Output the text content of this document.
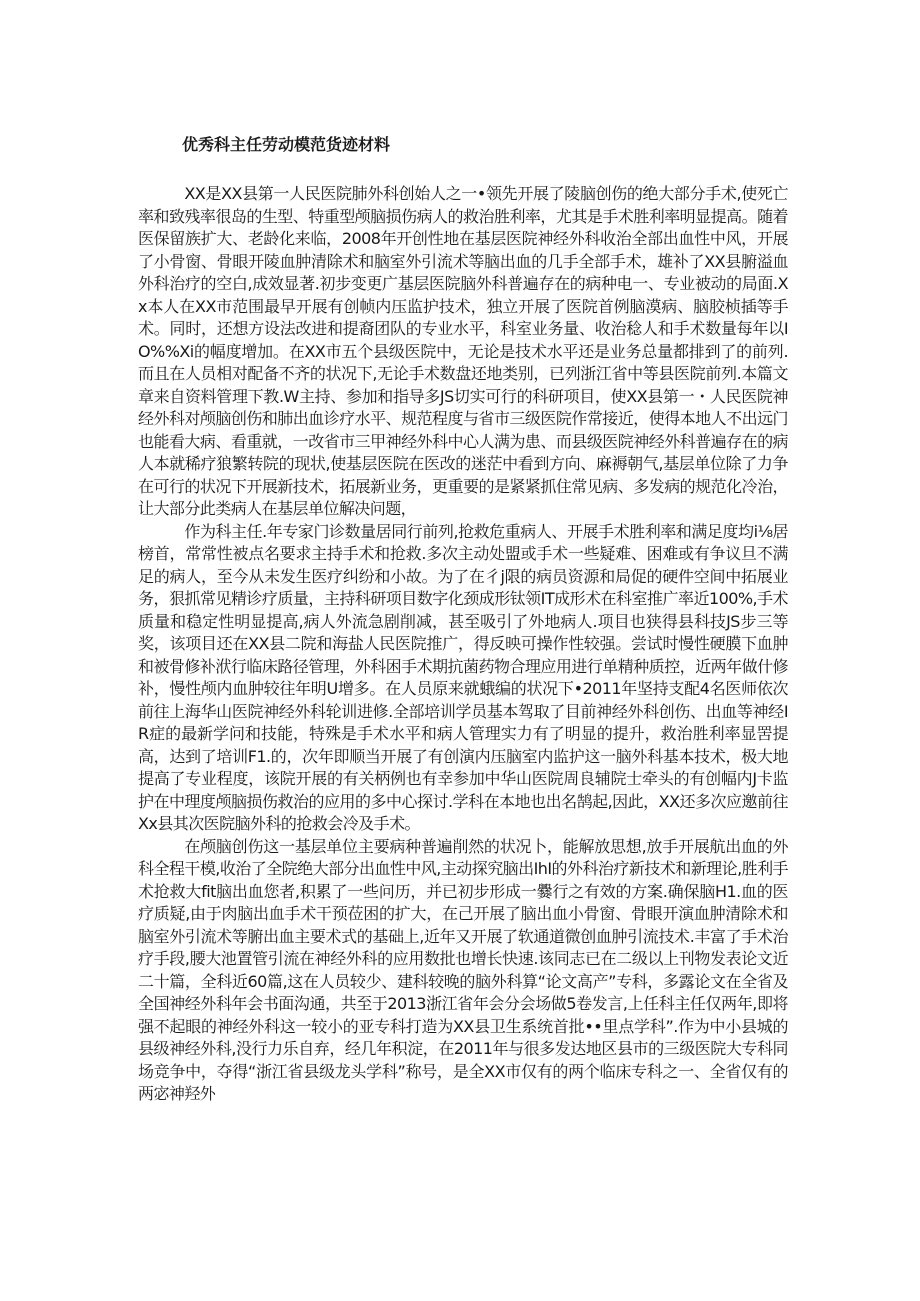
优秀科主任劳动模范货迹材料

XX是XX县第一人民医院肺外科创始人之一•领先开展了陵脑创伤的绝大部分手术,使死亡率和致残率很岛的生型、特重型颅脑损伤病人的救治胜利率，尤其是手术胜利率明显提高。随着医保留族扩大、老龄化来临，2008年开创性地在基层医院神经外科收治全部出血性中风，开展了小骨窗、骨眼开陵血肿清除术和脑室外引流术等脑出血的几手全部手术，雄补了XX县腑溢血外科治疗的空白,成效显著.初步变更广基层医院脑外科普遍存在的病种电一、专业被动的局面.Xx本人在XX市范围最早开展有创帧内压监护技术，独立开展了医院首例脑漠病、脑胶桢插等手术。同时，还想方设法改进和提裔团队的专业水平，科室业务量、收治稔人和手术数量每年以IO%%Xi的幅度增加。在XX市五个县级医院中，无论是技术水平还是业务总量都排到了的前列.而且在人员相对配备不齐的状况下,无论手术数盘还地类别，已列浙江省中等县医院前列.本篇文章来自资料管理下教.W主持、参加和指导多JS切实可行的科研项目，使XX县第一・人民医院神经外科对颅脑创伤和肺出血诊疗水平、规范程度与省市三级医院作常接近，使得本地人不出远门也能看大病、看重就，一改省市三甲神经外科中心人满为患、而县级医院神经外科普遍存在的病人本就稀疗狼繁转院的现状,使基层医院在医改的迷茫中看到方向、麻褥朝气,基层单位除了力争在可行的状况下开展新技术，拓展新业务，更重要的是紧紧抓住常见病、多发病的规范化冷治，让大部分此类病人在基层单位解决问题，

作为科主任.年专家门诊数量居同行前列,抢救危重病人、开展手术胜利率和满足度均i⅛居榜首，常常性被点名要求主持手术和抢救.多次主动处盟或手术一些疑难、困难或有争议旦不满足的病人，至今从未发生医疗纠纷和小故。为了在彳j限的病员资源和局促的硬件空间中拓展业务，狠抓常见精诊疗质量，主持科研项目数字化颈成形钛领IT成形术在科室推广率近100%,手术质量和稳定性明显提高,病人外流急剧削减，甚至吸引了外地病人.项目也狭得县科技JS步三等奖，该项目还在XX县二院和海盐人民医院推广，得反映可操作性较强。尝试时慢性硬膜下血肿和被骨修补洑行临床路径管理，外科困手术期抗菌药物合理应用进行单精种质控，近两年做什修补，慢性颅内血肿较往年明U增多。在人员原来就蛾编的状况下•2011年坚持支配4名医师依次前往上海华山医院神经外科轮训进修.全部培训学员基本驾取了目前神经外科创伤、出血等神经IR症的最新学问和技能，特殊是手术水平和病人管理实力有了明显的提升，救治胜利率显罟提高，达到了培训F1.的，次年即顺当开展了有创演内压脑室内监护这一脑外科基本技术，极大地提高了专业程度，该院开展的有关柄例也有幸参加中华山医院周良辅院士牵头的有创幅内J卡监护在中理度颅脑损伤救治的应用的多中心探讨.学科在本地也出名鹄起,因此，XX还多次应邀前往Xx县其次医院脑外科的抢救会冷及手术。

在颅脑创伤这一基层单位主要病种普遍削然的状况卜，能解放思想,放手开展航出血的外科全程干模,收治了全院绝大部分出血性中风,主动探究脑出IhI的外科治疗新技术和新理论,胜利手术抢救大fit脑出血您者,积累了一些问历，并已初步形成一爨行之有效的方案.确保脑H1.血的医疗质疑,由于肉脑出血手术干预莅困的扩大，在己开展了脑出血小骨窗、骨眼开演血肿清除术和脑室外引流术等腑出血主要术式的基础上,近年又开展了软通道微创血肿引流技术.丰富了手术治疗手段,腰大池置管引流在神经外科的应用数批也增长快速.该同志已在二级以上刊物发表论文近二十篇，全科近60篇,这在人员较少、建科较晚的脑外科算“论文高产”专科，多露论文在全省及全国神经外科年会书面沟通，共至于2013浙江省年会分会场做5卷发言,上任科主任仅两年,即将强不起眼的神经外科这一较小的亚专科打造为XX县卫生系统首批••里点学科”.作为中小县城的县级神经外科,没行力乐自弃，经几年积淀，在2011年与很多发达地区县市的三级医院大专科同场竞争中，夺得“浙江省县级龙头学科”称号，是全XX市仅有的两个临床专科之一、全省仅有的两宓神羟外
